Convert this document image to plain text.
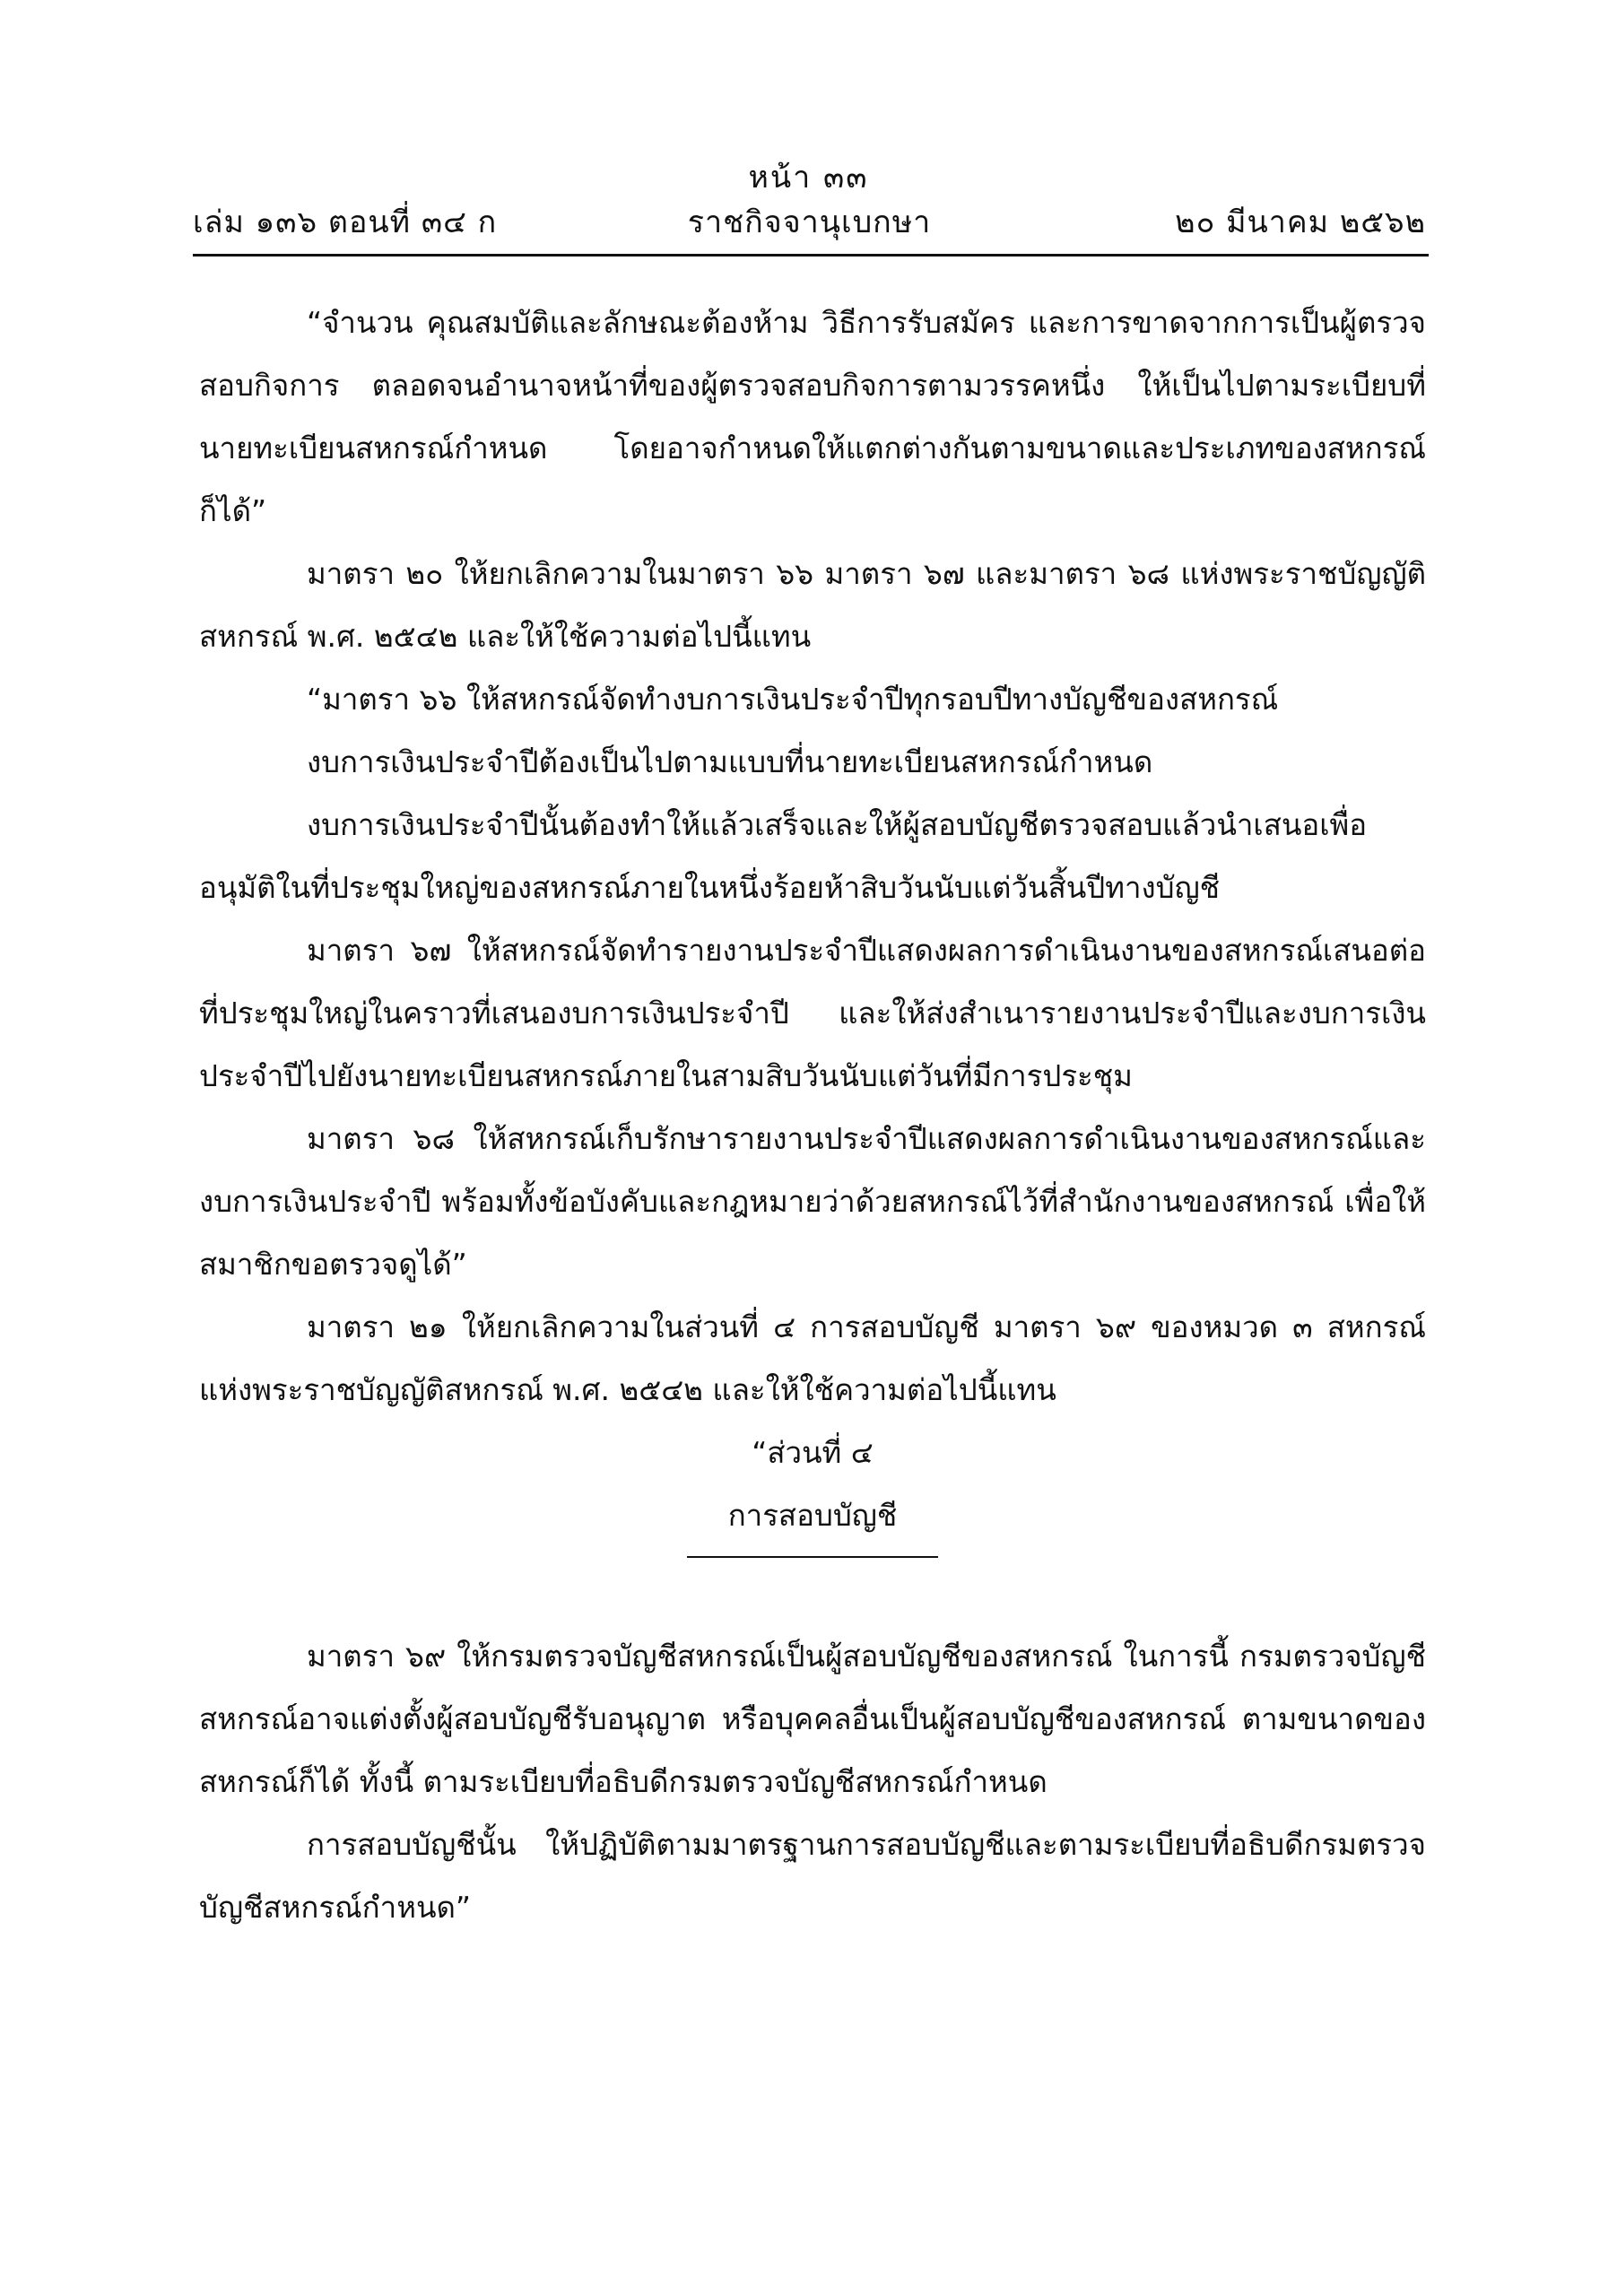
หน้า ๓๓
เล่ม ๑๓๖ ตอนที่ ๓๔ ก	ราชกิจจานุเบกษา	๒๐ มีนาคม ๒๕๖๒

“จำนวน คุณสมบัติและลักษณะต้องห้าม วิธีการรับสมัคร และการขาดจากการเป็นผู้ตรวจสอบกิจการ ตลอดจนอำนาจหน้าที่ของผู้ตรวจสอบกิจการตามวรรคหนึ่ง ให้เป็นไปตามระเบียบที่นายทะเบียนสหกรณ์กำหนด โดยอาจกำหนดให้แตกต่างกันตามขนาดและประเภทของสหกรณ์ก็ได้”

มาตรา ๒๐ ให้ยกเลิกความในมาตรา ๖๖ มาตรา ๖๗ และมาตรา ๖๘ แห่งพระราชบัญญัติสหกรณ์ พ.ศ. ๒๕๔๒ และให้ใช้ความต่อไปนี้แทน

“มาตรา ๖๖ ให้สหกรณ์จัดทำงบการเงินประจำปีทุกรอบปีทางบัญชีของสหกรณ์

งบการเงินประจำปีต้องเป็นไปตามแบบที่นายทะเบียนสหกรณ์กำหนด

งบการเงินประจำปีนั้นต้องทำให้แล้วเสร็จและให้ผู้สอบบัญชีตรวจสอบแล้วนำเสนอเพื่ออนุมัติในที่ประชุมใหญ่ของสหกรณ์ภายในหนึ่งร้อยห้าสิบวันนับแต่วันสิ้นปีทางบัญชี

มาตรา ๖๗ ให้สหกรณ์จัดทำรายงานประจำปีแสดงผลการดำเนินงานของสหกรณ์เสนอต่อที่ประชุมใหญ่ในคราวที่เสนองบการเงินประจำปี และให้ส่งสำเนารายงานประจำปีและงบการเงินประจำปีไปยังนายทะเบียนสหกรณ์ภายในสามสิบวันนับแต่วันที่มีการประชุม

มาตรา ๖๘ ให้สหกรณ์เก็บรักษารายงานประจำปีแสดงผลการดำเนินงานของสหกรณ์และงบการเงินประจำปี พร้อมทั้งข้อบังคับและกฎหมายว่าด้วยสหกรณ์ไว้ที่สำนักงานของสหกรณ์ เพื่อให้สมาชิกขอตรวจดูได้”

มาตรา ๒๑ ให้ยกเลิกความในส่วนที่ ๔ การสอบบัญชี มาตรา ๖๙ ของหมวด ๓ สหกรณ์แห่งพระราชบัญญัติสหกรณ์ พ.ศ. ๒๕๔๒ และให้ใช้ความต่อไปนี้แทน

“ส่วนที่ ๔

การสอบบัญชี

มาตรา ๖๙ ให้กรมตรวจบัญชีสหกรณ์เป็นผู้สอบบัญชีของสหกรณ์ ในการนี้ กรมตรวจบัญชีสหกรณ์อาจแต่งตั้งผู้สอบบัญชีรับอนุญาต หรือบุคคลอื่นเป็นผู้สอบบัญชีของสหกรณ์ ตามขนาดของสหกรณ์ก็ได้ ทั้งนี้ ตามระเบียบที่อธิบดีกรมตรวจบัญชีสหกรณ์กำหนด

การสอบบัญชีนั้น ให้ปฏิบัติตามมาตรฐานการสอบบัญชีและตามระเบียบที่อธิบดีกรมตรวจบัญชีสหกรณ์กำหนด”
